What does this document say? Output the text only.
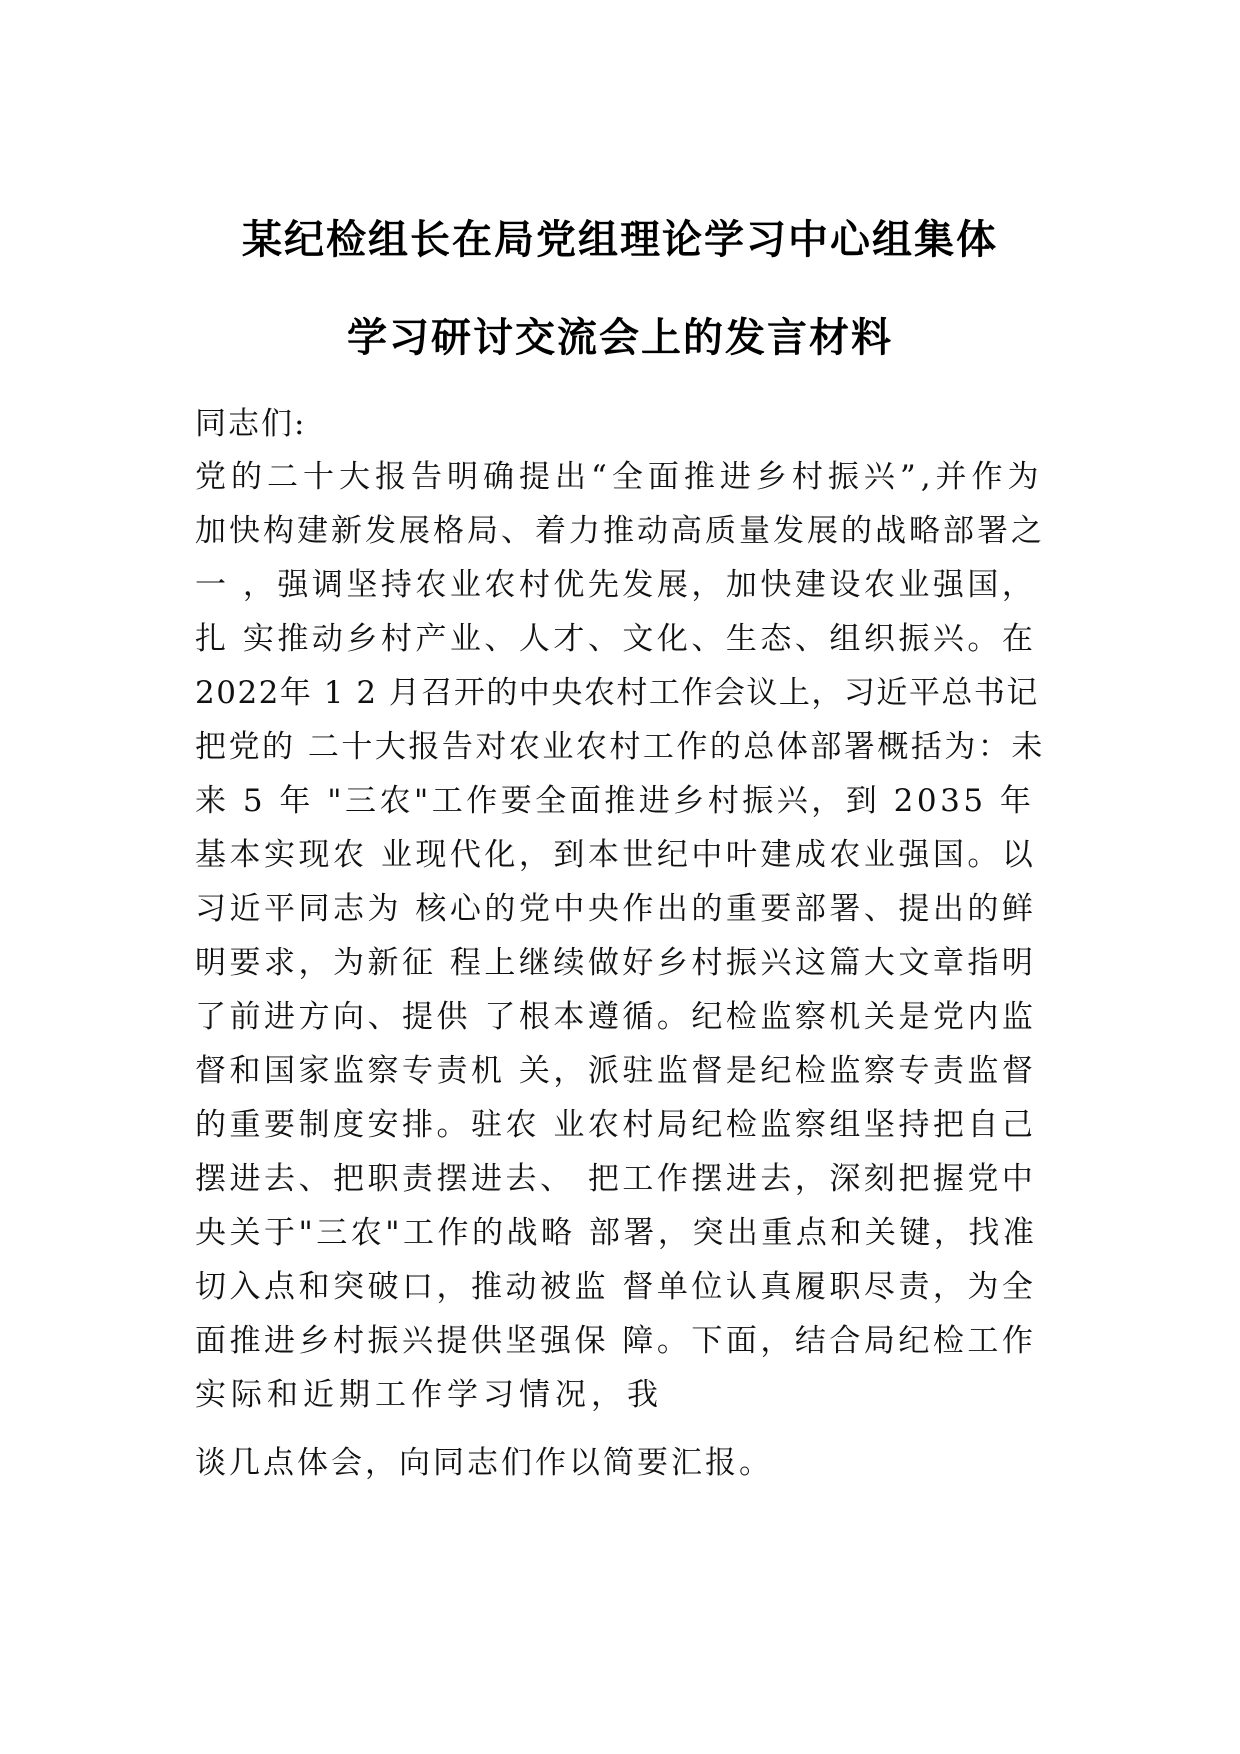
某纪检组长在局党组理论学习中心组集体
学习研讨交流会上的发言材料

同志们:

党的二十大报告明确提出“全面推进乡村振兴”,并作为

加快构建新发展格局、着力推动高质量发展的战略部署之

一 ，强调坚持农业农村优先发展，加快建设农业强国，

扎 实推动乡村产业、人才、文化、生态、组织振兴。在

2022年 1 2 月召开的中央农村工作会议上，习近平总书记

把党的 二十大报告对农业农村工作的总体部署概括为：未

来 5 年 "三农"工作要全面推进乡村振兴，到 2035 年

基本实现农 业现代化，到本世纪中叶建成农业强国。以

习近平同志为 核心的党中央作出的重要部署、提出的鲜

明要求，为新征 程上继续做好乡村振兴这篇大文章指明

了前进方向、提供 了根本遵循。纪检监察机关是党内监

督和国家监察专责机 关，派驻监督是纪检监察专责监督

的重要制度安排。驻农 业农村局纪检监察组坚持把自己

摆进去、把职责摆进去、 把工作摆进去，深刻把握党中

央关于"三农"工作的战略 部署，突出重点和关键，找准

切入点和突破口，推动被监 督单位认真履职尽责，为全

面推进乡村振兴提供坚强保 障。下面，结合局纪检工作

实际和近期工作学习情况，我

谈几点体会，向同志们作以简要汇报。
